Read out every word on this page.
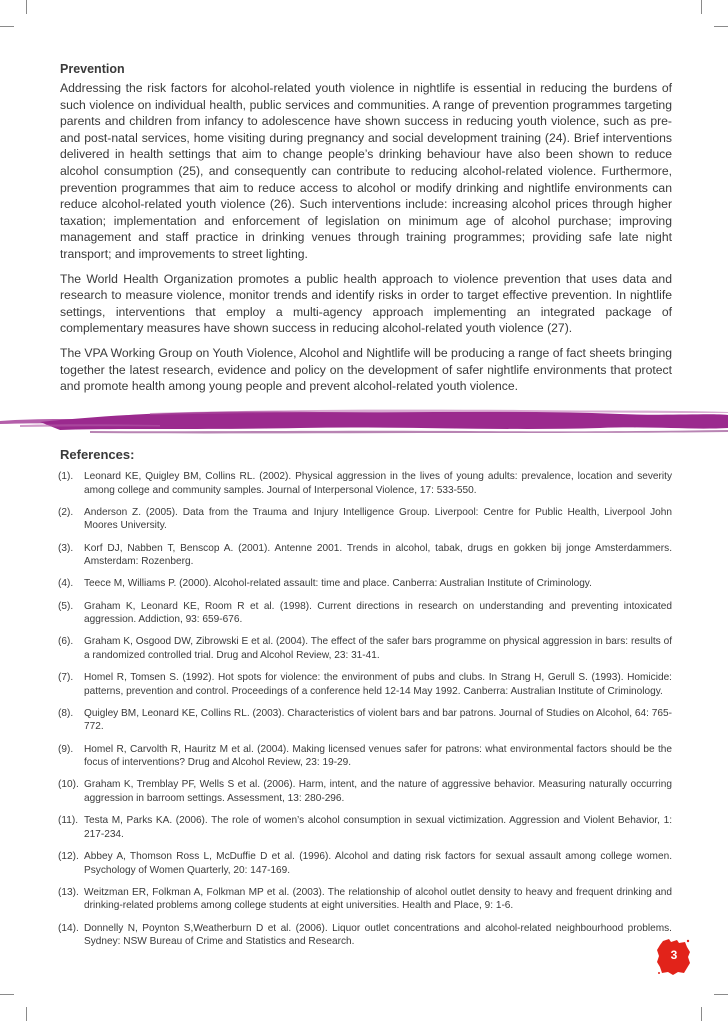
Prevention

Addressing the risk factors for alcohol-related youth violence in nightlife is essential in reducing the burdens of such violence on individual health, public services and communities. A range of prevention programmes targeting parents and children from infancy to adolescence have shown success in reducing youth violence, such as pre- and post-natal services, home visiting during pregnancy and social development training (24). Brief interventions delivered in health settings that aim to change people’s drinking behaviour have also been shown to reduce alcohol consumption (25), and consequently can contribute to reducing alcohol-related violence. Furthermore, prevention programmes that aim to reduce access to alcohol or modify drinking and nightlife environments can reduce alcohol-related youth violence (26). Such interventions include: increasing alcohol prices through higher taxation; implementation and enforcement of legislation on minimum age of alcohol purchase; improving management and staff practice in drinking venues through training programmes; providing safe late night transport; and improvements to street lighting.

The World Health Organization promotes a public health approach to violence prevention that uses data and research to measure violence, monitor trends and identify risks in order to target effective prevention. In nightlife settings, interventions that employ a multi-agency approach implementing an integrated package of complementary measures have shown success in reducing alcohol-related youth violence (27).

The VPA Working Group on Youth Violence, Alcohol and Nightlife will be producing a range of fact sheets bringing together the latest research, evidence and policy on the development of safer nightlife environments that protect and promote health among young people and prevent alcohol-related youth violence.

References:
(1). Leonard KE, Quigley BM, Collins RL. (2002). Physical aggression in the lives of young adults: prevalence, location and severity among college and community samples. Journal of Interpersonal Violence, 17: 533-550.
(2). Anderson Z. (2005). Data from the Trauma and Injury Intelligence Group. Liverpool: Centre for Public Health, Liverpool John Moores University.
(3). Korf DJ, Nabben T, Benscop A. (2001). Antenne 2001. Trends in alcohol, tabak, drugs en gokken bij jonge Amsterdammers. Amsterdam: Rozenberg.
(4). Teece M, Williams P. (2000). Alcohol-related assault: time and place. Canberra: Australian Institute of Criminology.
(5). Graham K, Leonard KE, Room R et al. (1998). Current directions in research on understanding and preventing intoxicated aggression. Addiction, 93: 659-676.
(6). Graham K, Osgood DW, Zibrowski E et al. (2004). The effect of the safer bars programme on physical aggression in bars: results of a randomized controlled trial. Drug and Alcohol Review, 23: 31-41.
(7). Homel R, Tomsen S. (1992). Hot spots for violence: the environment of pubs and clubs. In Strang H, Gerull S. (1993). Homicide: patterns, prevention and control. Proceedings of a conference held 12-14 May 1992. Canberra: Australian Institute of Criminology.
(8). Quigley BM, Leonard KE, Collins RL. (2003). Characteristics of violent bars and bar patrons. Journal of Studies on Alcohol, 64: 765-772.
(9). Homel R, Carvolth R, Hauritz M et al. (2004). Making licensed venues safer for patrons: what environmental factors should be the focus of interventions? Drug and Alcohol Review, 23: 19-29.
(10). Graham K, Tremblay PF, Wells S et al. (2006). Harm, intent, and the nature of aggressive behavior. Measuring naturally occurring aggression in barroom settings. Assessment, 13: 280-296.
(11). Testa M, Parks KA. (2006). The role of women’s alcohol consumption in sexual victimization. Aggression and Violent Behavior, 1: 217-234.
(12). Abbey A, Thomson Ross L, McDuffie D et al. (1996). Alcohol and dating risk factors for sexual assault among college women. Psychology of Women Quarterly, 20: 147-169.
(13). Weitzman ER, Folkman A, Folkman MP et al. (2003). The relationship of alcohol outlet density to heavy and frequent drinking and drinking-related problems among college students at eight universities. Health and Place, 9: 1-6.
(14). Donnelly N, Poynton S,Weatherburn D et al. (2006). Liquor outlet concentrations and alcohol-related neighbourhood problems. Sydney: NSW Bureau of Crime and Statistics and Research.
3
